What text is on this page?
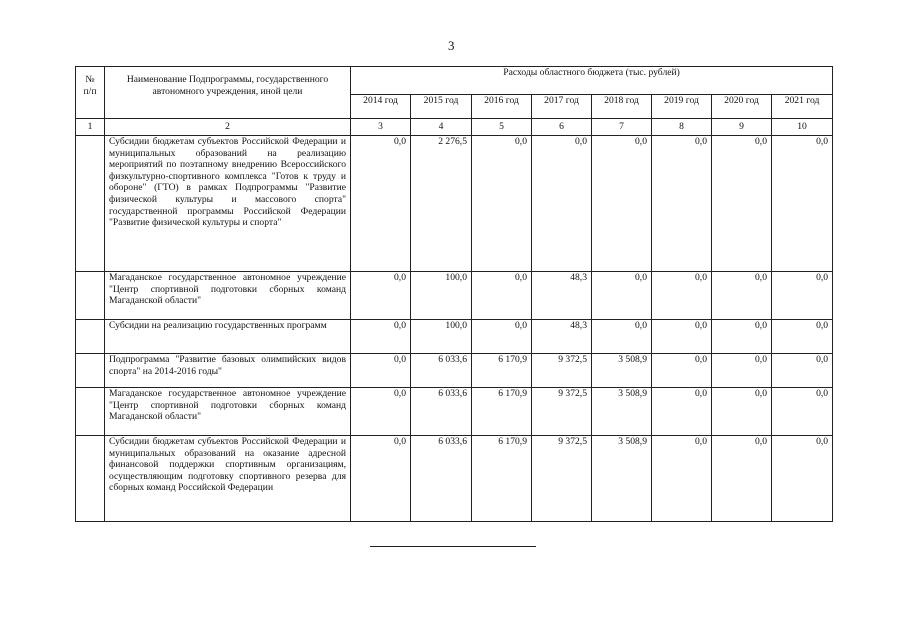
3
№
п/п	Наименование Подпрограммы, государственного автономного учреждения, иной цели	Расходы областного бюджета (тыс. рублей)							
		2014 год	2015 год	2016 год	2017 год	2018 год	2019 год	2020 год	2021 год
1	2	3	4	5	6	7	8	9	10
	Субсидии бюджетам субъектов Российской Федерации и муниципальных образований на реализацию мероприятий по поэтапному внедрению Всероссийского физкультурно-спортивного комплекса "Готов к труду и обороне" (ГТО) в рамках Подпрограммы "Развитие физической культуры и массового спорта" государственной программы Российской Федерации "Развитие физической культуры и спорта"	0,0	2 276,5	0,0	0,0	0,0	0,0	0,0	0,0
	Магаданское государственное автономное учреждение "Центр спортивной подготовки сборных команд Магаданской области"	0,0	100,0	0,0	48,3	0,0	0,0	0,0	0,0
	Субсидии на реализацию государственных программ	0,0	100,0	0,0	48,3	0,0	0,0	0,0	0,0
	Подпрограмма "Развитие базовых олимпийских видов спорта" на 2014-2016 годы"	0,0	6 033,6	6 170,9	9 372,5	3 508,9	0,0	0,0	0,0
	Магаданское государственное автономное учреждение "Центр спортивной подготовки сборных команд Магаданской области"	0,0	6 033,6	6 170,9	9 372,5	3 508,9	0,0	0,0	0,0
	Субсидии бюджетам субъектов Российской Федерации и муниципальных образований на оказание адресной финансовой поддержки спортивным организациям, осуществляющим подготовку спортивного резерва для сборных команд Российской Федерации	0,0	6 033,6	6 170,9	9 372,5	3 508,9	0,0	0,0	0,0
